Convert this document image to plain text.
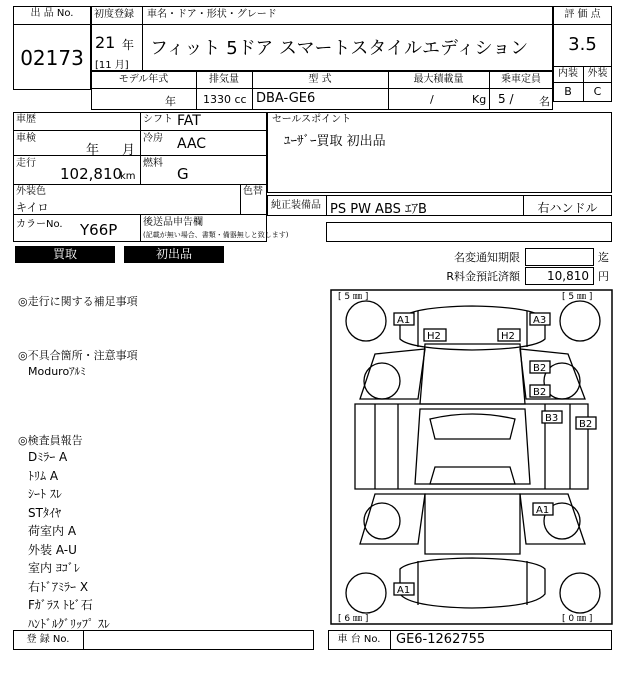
出 品 No.
02173
初度登録 車名・ドア・形状・グレード
21 年
[11 月]
フィット 5ドア スマートスタイルエディション
評 価 点
3.5
内装 外装
B	C
モデル年式	排気量	型 式	最大積載量	乗車定員
年 1330 cc DBA-GE6	/	Kg 5 / 名
車歴	シフト FAT
車検
年 月
冷房 AAC
走行
102,810
km
燃料
G
外装色	色替
キイロ
カラーNo. Y66P	後送品申告欄
(記載が無い場合、書類・備器無しと致します)
セールスポイント
ﾕｰｻﾞｰ買取 初出品
純正装備品 PS PW ABS ｴｱB	右ハンドル
買取	初出品	名変通知期限	迄
R料金預託済額	10,810 円
◎走行に関する補足事項
◎不具合箇所・注意事項
Moduroｱﾙﾐ
◎検査員報告
Dﾐﾗｰ A
ﾄﾘﾑ A
ｼｰﾄ ｽﾚ
STﾀｲﾔ
荷室内 A
外装 A-U
室内 ﾖｺﾞﾚ
右ﾄﾞｱﾐﾗｰ X
Fｶﾞﾗｽ ﾄﾋﾞ石
ﾊﾝﾄﾞﾙｸﾞﾘｯﾌﾟ ｽﾚ
登 録 No.	車 台 No.	GE6-1262755
[ 5 ㎜ ]	[ 5 ㎜ ]
[ 6 ㎜ ]	[ 0 ㎜ ]
A1	A3
H2	H2
B2
B2
B3
B2
A1
A1
